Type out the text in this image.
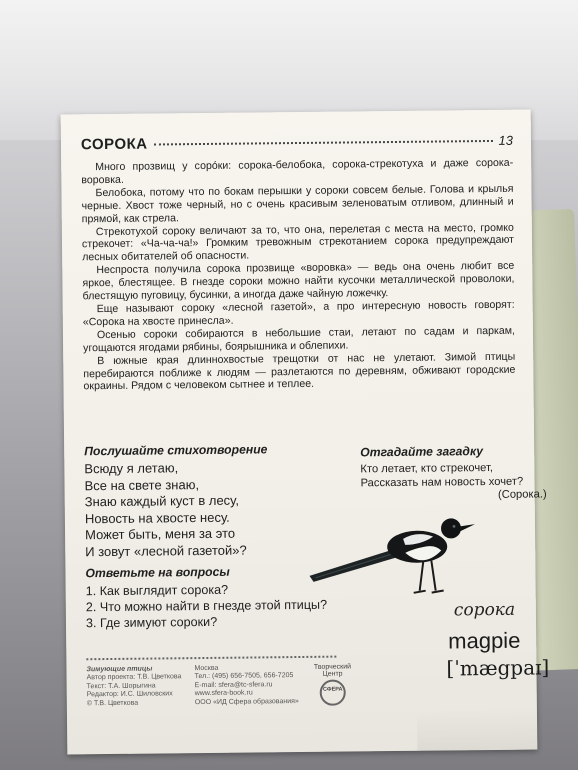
СОРОКА	13

Много прозвищ у соро́ки: сорока-белобока, сорока-стрекотуха и даже сорока-воровка.

Белобока, потому что по бокам перышки у сороки совсем белые. Голова и крылья черные. Хвост тоже черный, но с очень красивым зеленоватым отливом, длинный и прямой, как стрела.

Стрекотухой сороку величают за то, что она, перелетая с места на место, громко стрекочет: «Ча-ча-ча!» Громким тревожным стрекотанием сорока предупреждают лесных обитателей об опасности.

Неспроста получила сорока прозвище «воровка» — ведь она очень любит все яркое, блестящее. В гнезде сороки можно найти кусочки металлической проволоки, блестящую пуговицу, бусинки, а иногда даже чайную ложечку.

Еще называют сороку «лесной газетой», а про интересную новость говорят: «Сорока на хвосте принесла».

Осенью сороки собираются в небольшие стаи, летают по садам и паркам, угощаются ягодами рябины, боярышника и облепихи.

В южные края длиннохвостые трещотки от нас не улетают. Зимой птицы перебираются поближе к людям — разлетаются по деревням, обживают городские окраины. Рядом с человеком сытнее и теплее.

Послушайте стихотворение

Всюду я летаю,

Все на свете знаю,

Знаю каждый куст в лесу,

Новость на хвосте несу.

Может быть, меня за это

И зовут «лесной газетой»?

Отгадайте загадку

Кто летает, кто стрекочет,

Рассказать нам новость хочет?

(Сорока.)

Ответьте на вопросы

1. Как выглядит сорока?

2. Что можно найти в гнезде этой птицы?

3. Где зимуют сороки?

сорока
magpie
[ˈmægpaɪ]

Зимующие птицы

Автор проекта: Т.В. Цветкова

Текст: Т.А. Шорыгина

Редактор: И.С. Шиловских

© Т.В. Цветкова

Москва

Тел.: (495) 656-7505, 656-7205

E-mail: sfera@tc-sfera.ru

www.sfera-book.ru

ООО «ИД Сфера образования»

Творческий

Центр

СФЕРА
